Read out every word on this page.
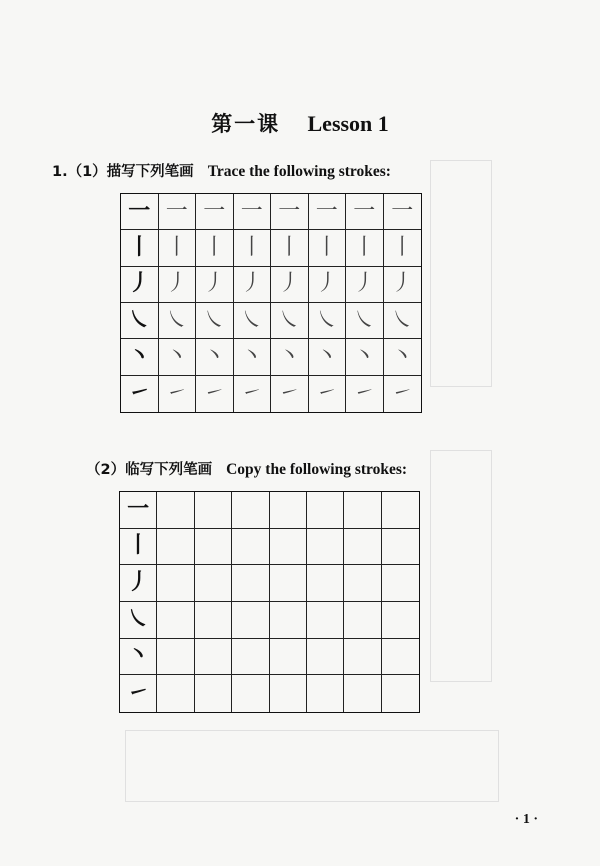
第一课 Lesson 1
1.（1）描写下列笔画 Trace the following strokes:
一 一 一 一 一 一 一 一
丨 丨 丨 丨 丨 丨 丨 丨
丿 丿 丿 丿 丿 丿 丿 丿
㇏ ㇏ ㇏ ㇏ ㇏ ㇏ ㇏ ㇏
丶 丶 丶 丶 丶 丶 丶 丶
㇀ ㇀ ㇀ ㇀ ㇀ ㇀ ㇀ ㇀
（2）临写下列笔画 Copy the following strokes:
一
丨
丿
㇏
丶
㇀
· 1 ·
